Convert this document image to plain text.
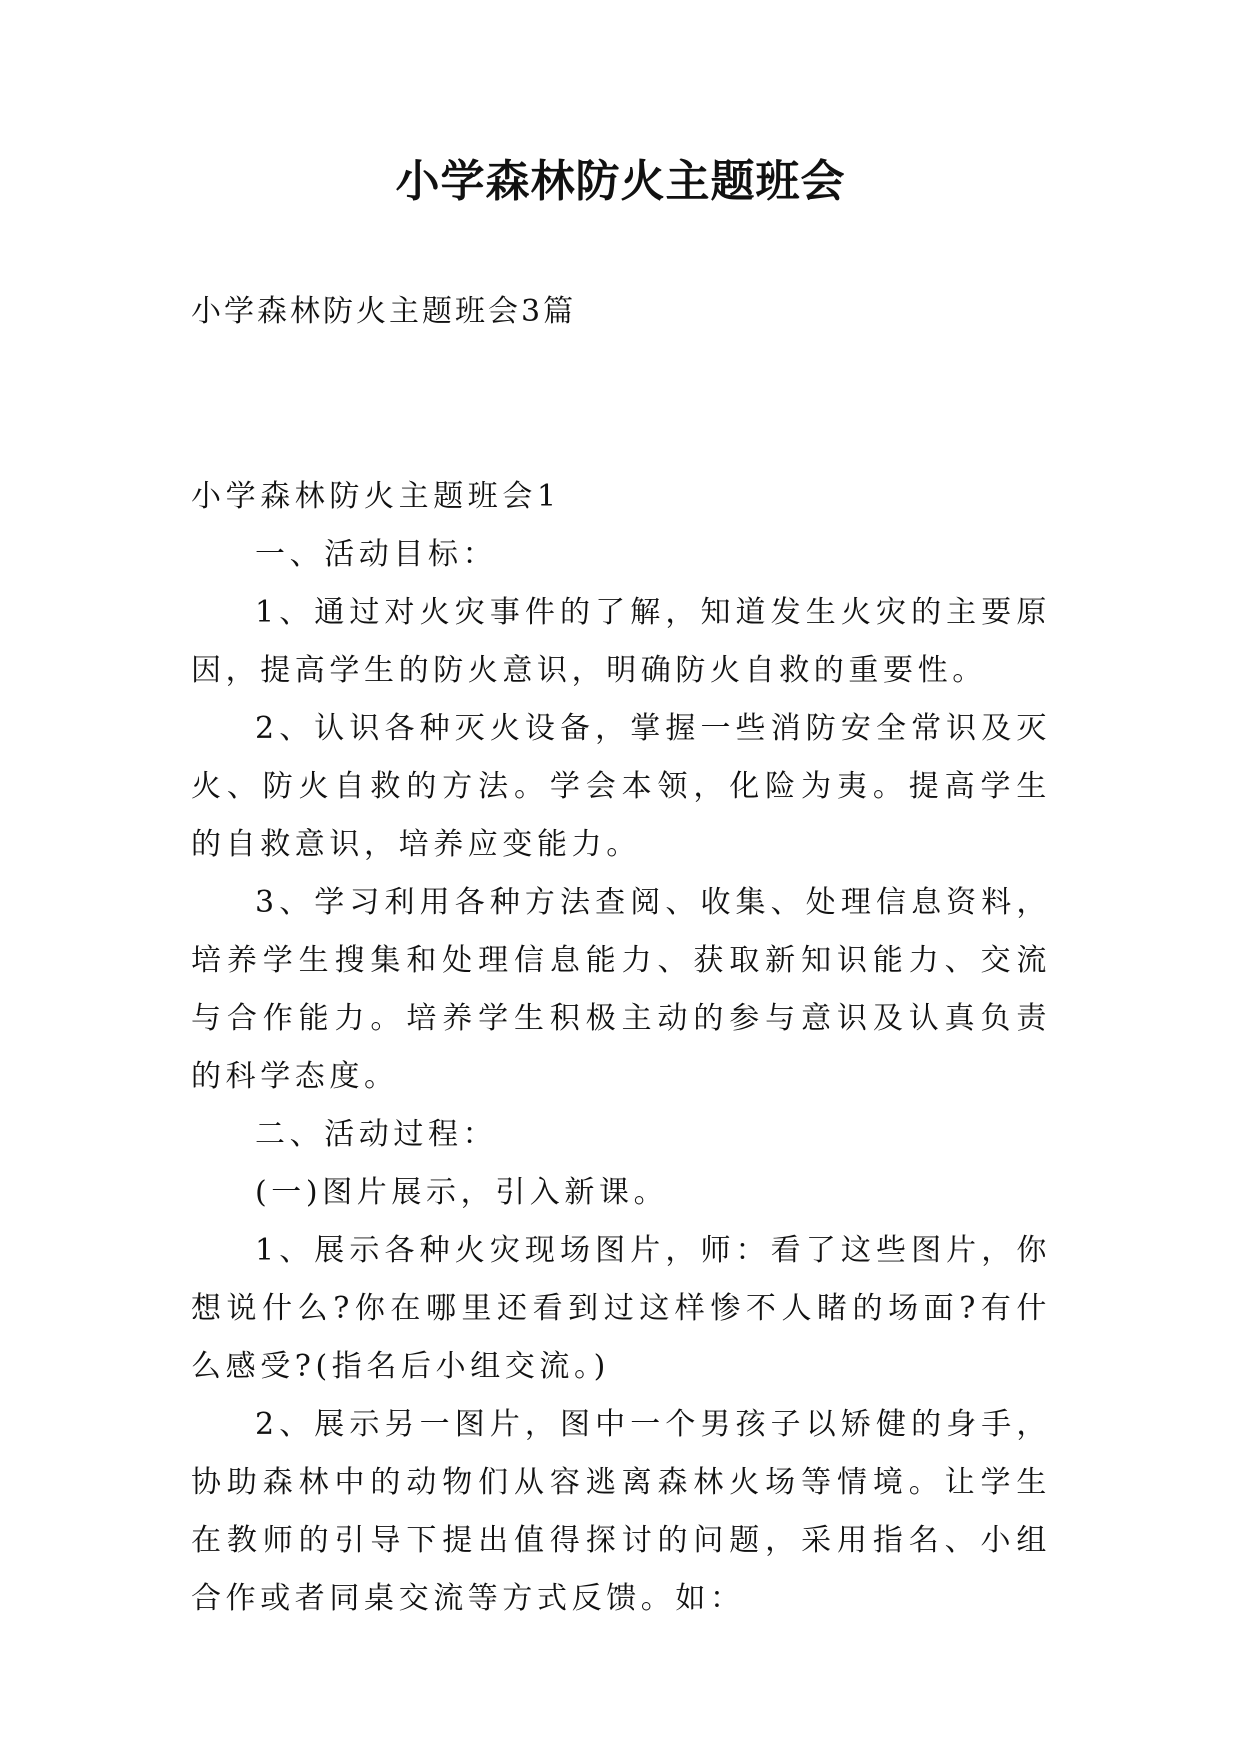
小学森林防火主题班会
小学森林防火主题班会3篇

小学森林防火主题班会1

一、活动目标：

1、通过对火灾事件的了解，知道发生火灾的主要原因，提高学生的防火意识，明确防火自救的重要性。

2、认识各种灭火设备，掌握一些消防安全常识及灭火、防火自救的方法。学会本领，化险为夷。提高学生的自救意识，培养应变能力。

3、学习利用各种方法查阅、收集、处理信息资料，培养学生搜集和处理信息能力、获取新知识能力、交流与合作能力。培养学生积极主动的参与意识及认真负责的科学态度。

二、活动过程：

(一)图片展示，引入新课。

1、展示各种火灾现场图片，师：看了这些图片，你想说什么?你在哪里还看到过这样惨不人睹的场面?有什么感受?(指名后小组交流。)

2、展示另一图片，图中一个男孩子以矫健的身手，协助森林中的动物们从容逃离森林火场等情境。让学生在教师的引导下提出值得探讨的问题，采用指名、小组合作或者同桌交流等方式反馈。如：
